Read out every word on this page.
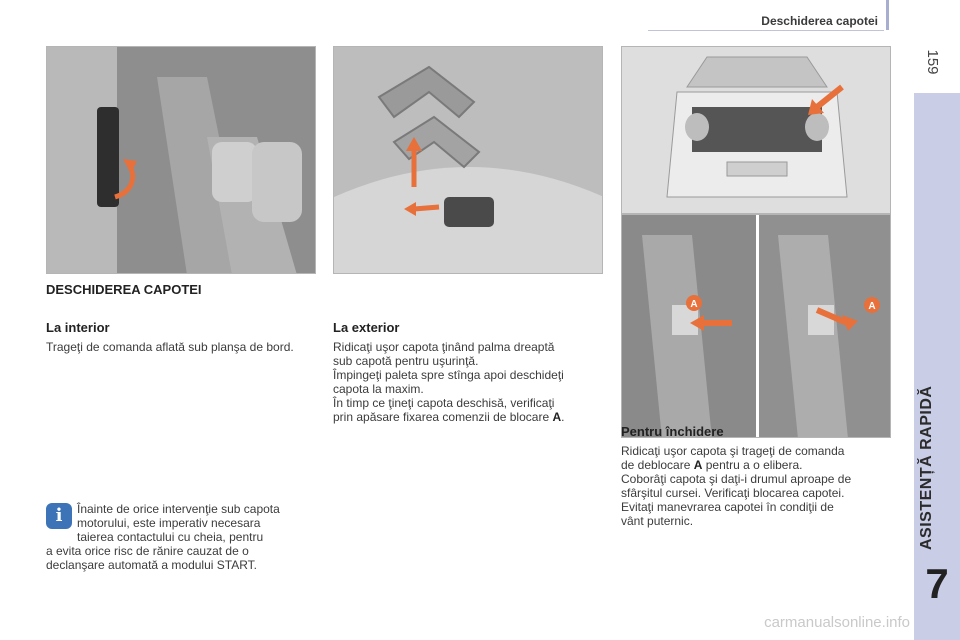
Deschiderea capotei
159
ASISTENȚĂ RAPIDĂ
7
A	A
DESCHIDEREA CAPOTEI
La interior

Trageţi de comanda aflată sub planşa de bord.

La exterior

Ridicaţi uşor capota ţinând palma dreaptă

sub capotă pentru uşurinţă.

Împingeţi paleta spre stînga apoi deschideţi

capota la maxim.

În timp ce ţineţi capota deschisă, verificaţi

prin apăsare fixarea comenzii de blocare A.

Pentru închidere

Ridicaţi uşor capota şi trageţi de comanda

de deblocare A pentru a o elibera.

Coborâţi capota şi daţi-i drumul aproape de

sfârşitul cursei. Verificaţi blocarea capotei.

Evitaţi manevrarea capotei în condiţii de

vânt puternic.

i	Înainte de orice intervenţie sub capota

motorului, este imperativ necesara

taierea contactului cu cheia, pentru

a evita orice risc de rănire cauzat de o

declanşare automată a modului START.

carmanualsonline.info
